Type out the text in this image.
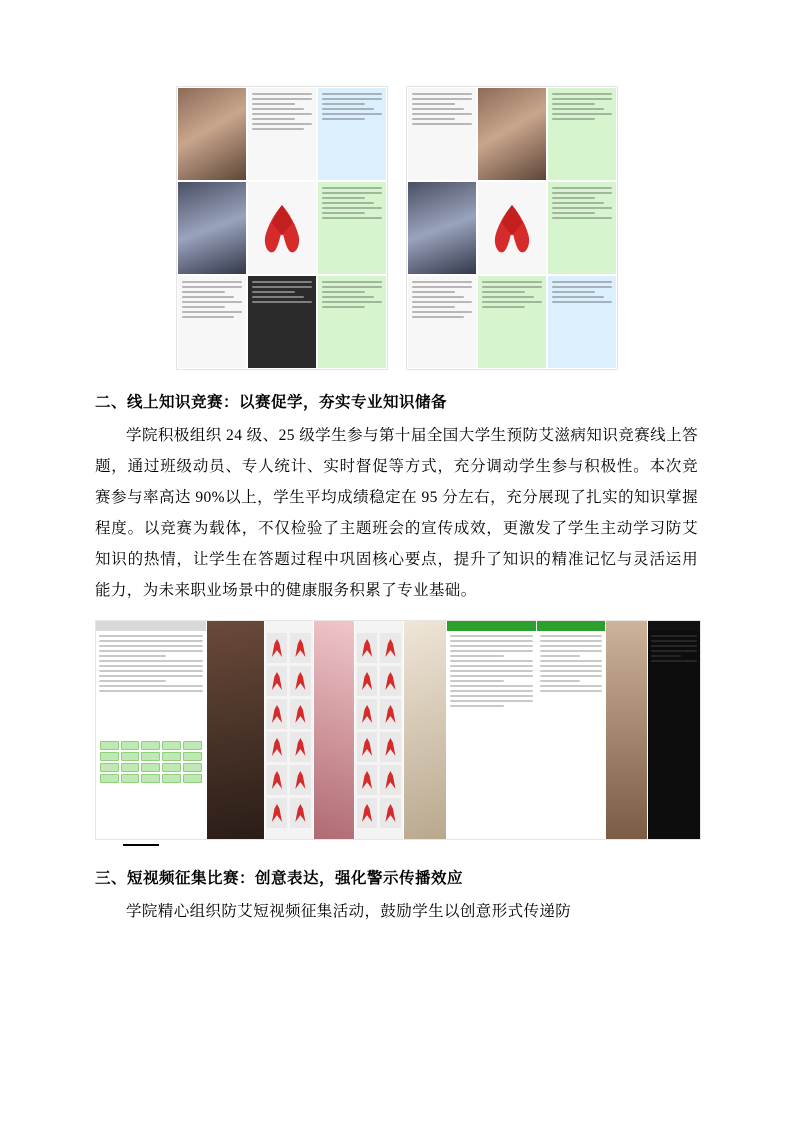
二、线上知识竞赛：以赛促学，夯实专业知识储备

学院积极组织 24 级、25 级学生参与第十届全国大学生预防艾滋病知识竞赛线上答题，通过班级动员、专人统计、实时督促等方式，充分调动学生参与积极性。本次竞赛参与率高达 90%以上，学生平均成绩稳定在 95 分左右，充分展现了扎实的知识掌握程度。以竞赛为载体，不仅检验了主题班会的宣传成效，更激发了学生主动学习防艾知识的热情，让学生在答题过程中巩固核心要点，提升了知识的精准记忆与灵活运用能力，为未来职业场景中的健康服务积累了专业基础。

三、短视频征集比赛：创意表达，强化警示传播效应

学院精心组织防艾短视频征集活动，鼓励学生以创意形式传递防
